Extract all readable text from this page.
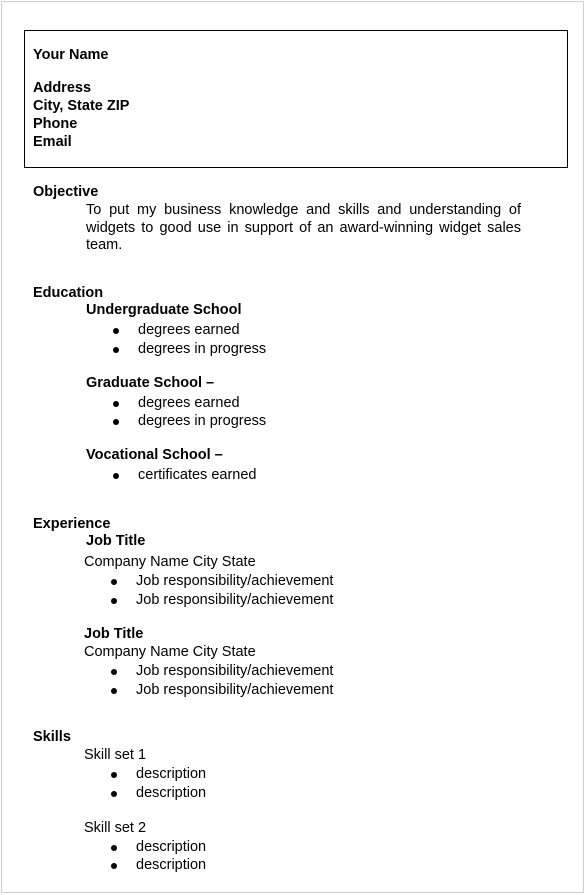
Your Name
Address
City, State ZIP
Phone
Email
Objective
To put my business knowledge and skills and understanding of widgets to good use in support of an award-winning widget sales team.
Education
Undergraduate School
degrees earned
degrees in progress
Graduate School –
degrees earned
degrees in progress
Vocational School –
certificates earned
Experience
Job Title
Company Name City State
Job responsibility/achievement
Job responsibility/achievement
Job Title
Company Name City State
Job responsibility/achievement
Job responsibility/achievement
Skills
Skill set 1
description
description
Skill set 2
description
description
